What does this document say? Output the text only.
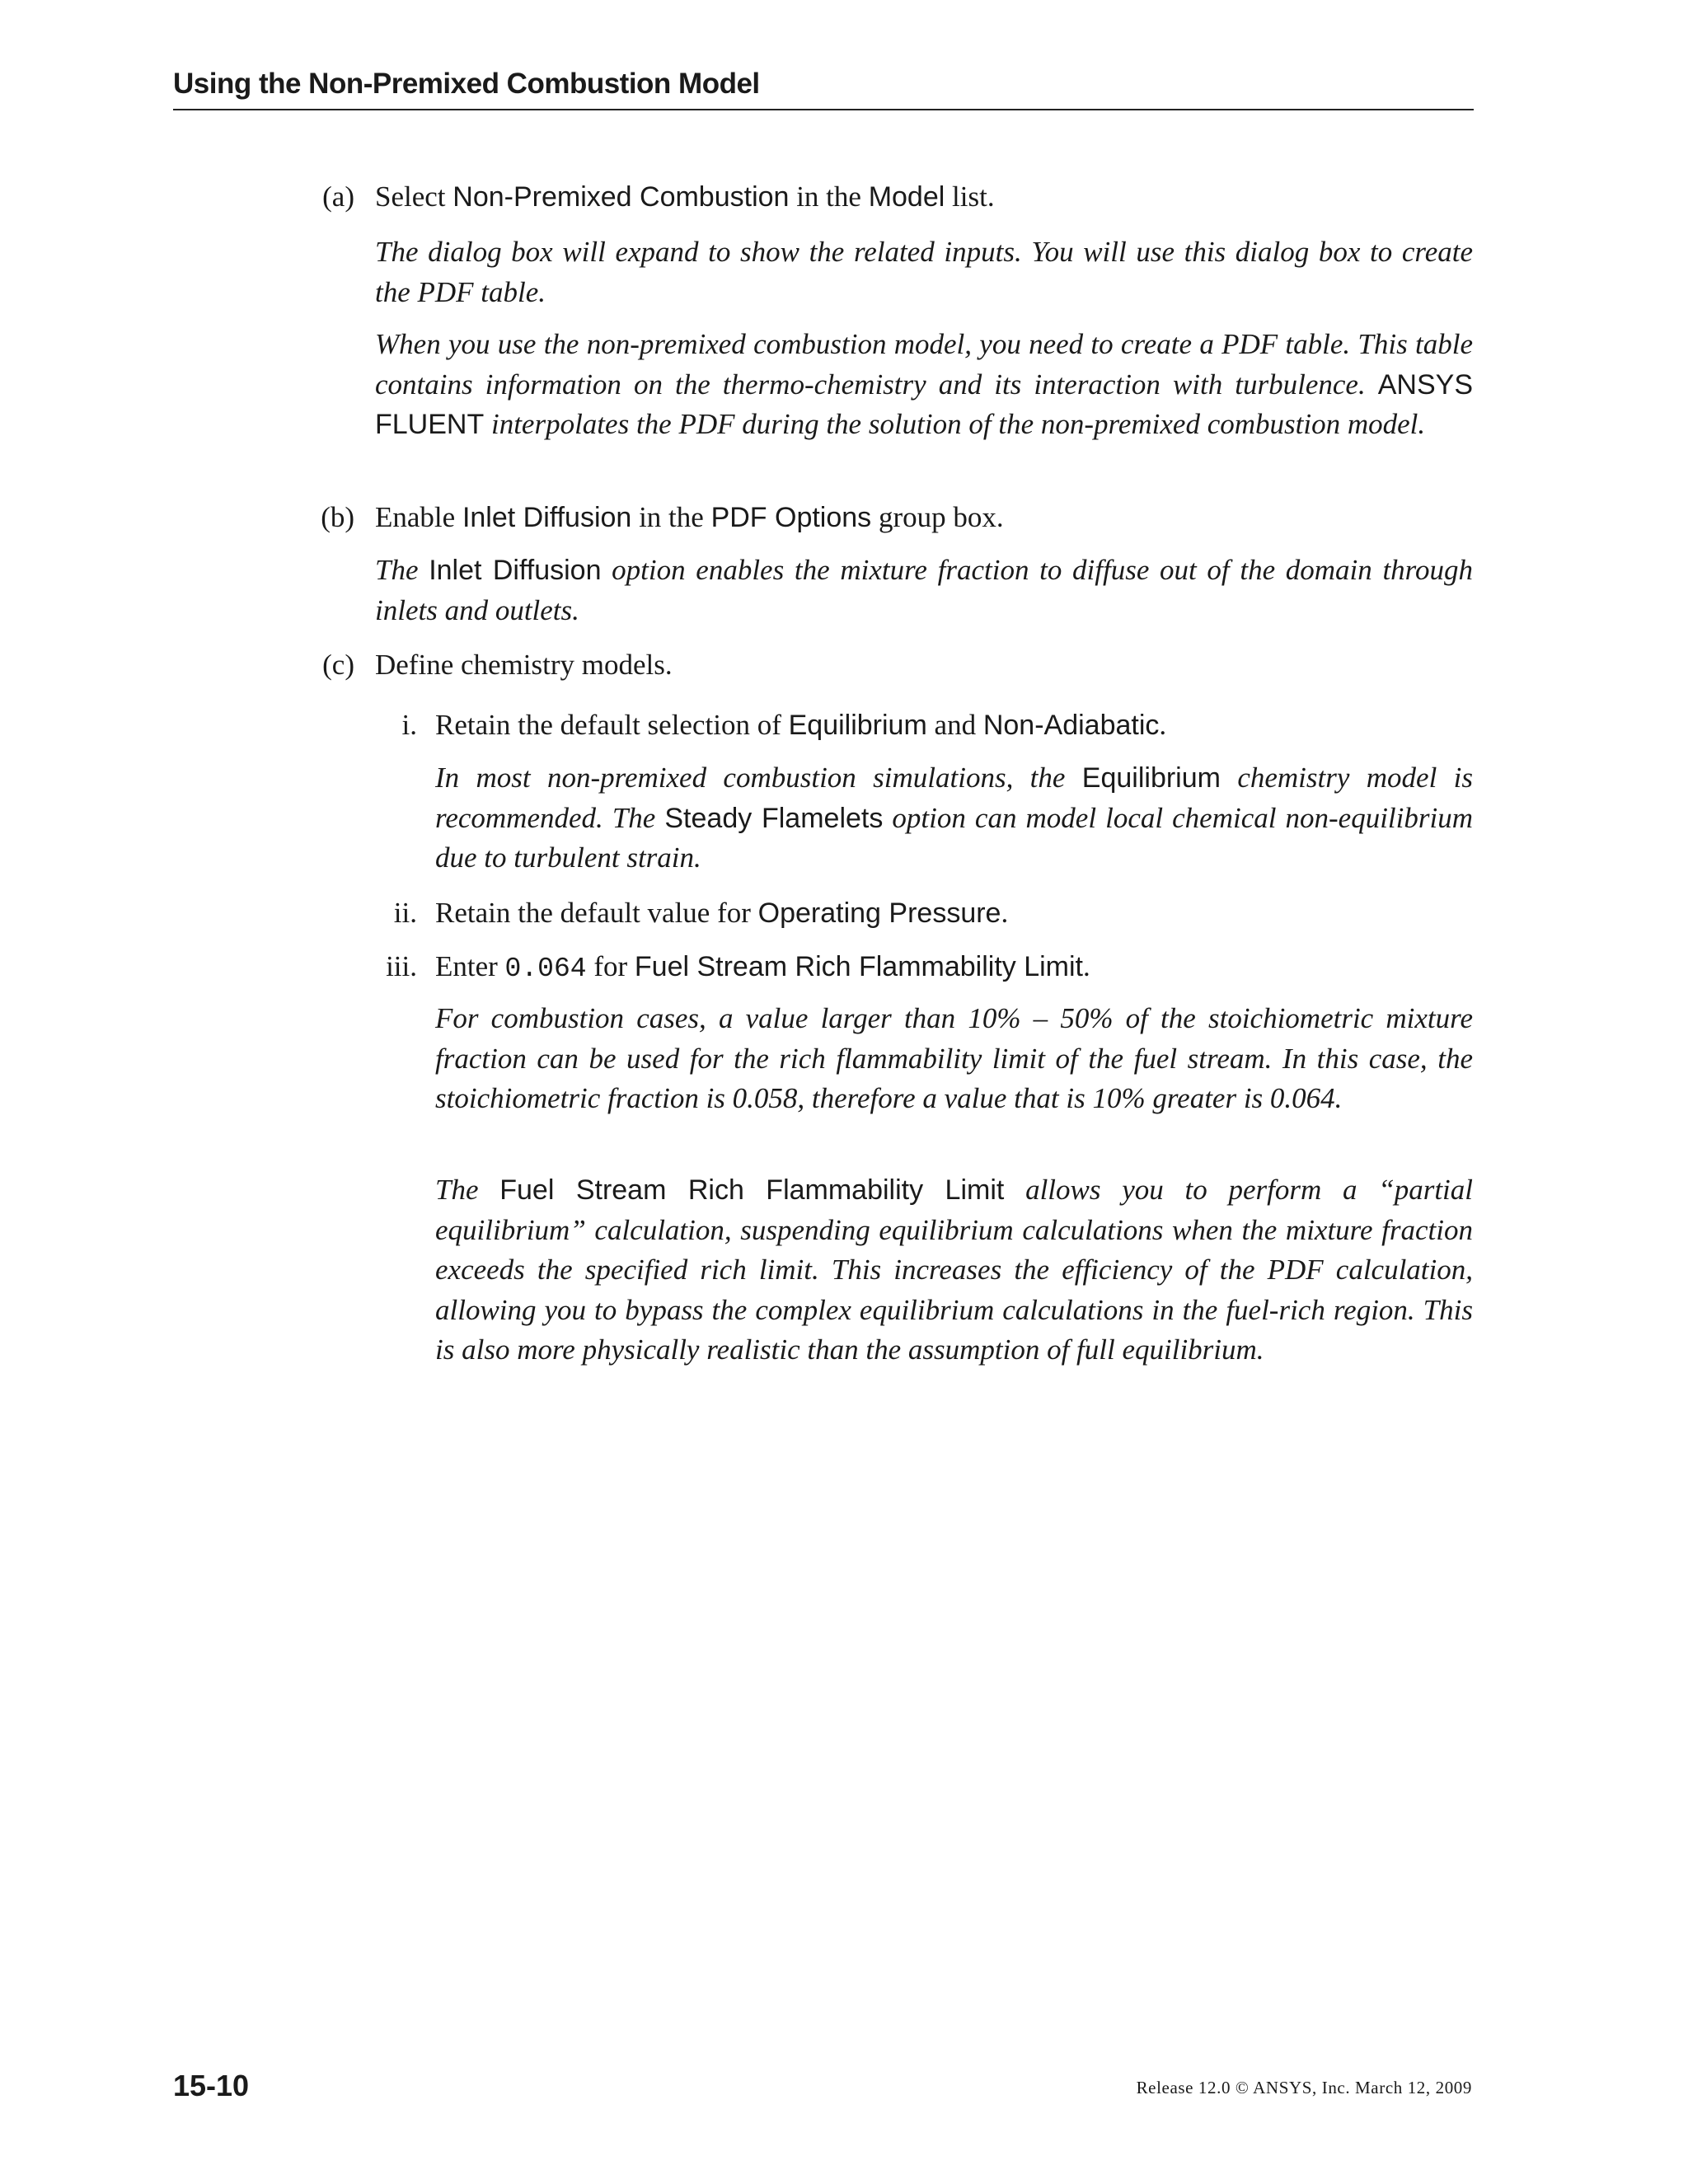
Using the Non-Premixed Combustion Model
(a) Select Non-Premixed Combustion in the Model list.

The dialog box will expand to show the related inputs. You will use this dialog box to create the PDF table.

When you use the non-premixed combustion model, you need to create a PDF table. This table contains information on the thermo-chemistry and its interaction with turbulence. ANSYS FLUENT interpolates the PDF during the solution of the non-premixed combustion model.

(b) Enable Inlet Diffusion in the PDF Options group box.

The Inlet Diffusion option enables the mixture fraction to diffuse out of the domain through inlets and outlets.

(c) Define chemistry models.

i. Retain the default selection of Equilibrium and Non-Adiabatic.

In most non-premixed combustion simulations, the Equilibrium chemistry model is recommended. The Steady Flamelets option can model local chemical non-equilibrium due to turbulent strain.

ii. Retain the default value for Operating Pressure.

iii. Enter 0.064 for Fuel Stream Rich Flammability Limit.

For combustion cases, a value larger than 10% – 50% of the stoichiometric mixture fraction can be used for the rich flammability limit of the fuel stream. In this case, the stoichiometric fraction is 0.058, therefore a value that is 10% greater is 0.064.

The Fuel Stream Rich Flammability Limit allows you to perform a “partial equilibrium” calculation, suspending equilibrium calculations when the mixture fraction exceeds the specified rich limit. This increases the efficiency of the PDF calculation, allowing you to bypass the complex equilibrium calculations in the fuel-rich region. This is also more physically realistic than the assumption of full equilibrium.

15-10	Release 12.0 © ANSYS, Inc. March 12, 2009
